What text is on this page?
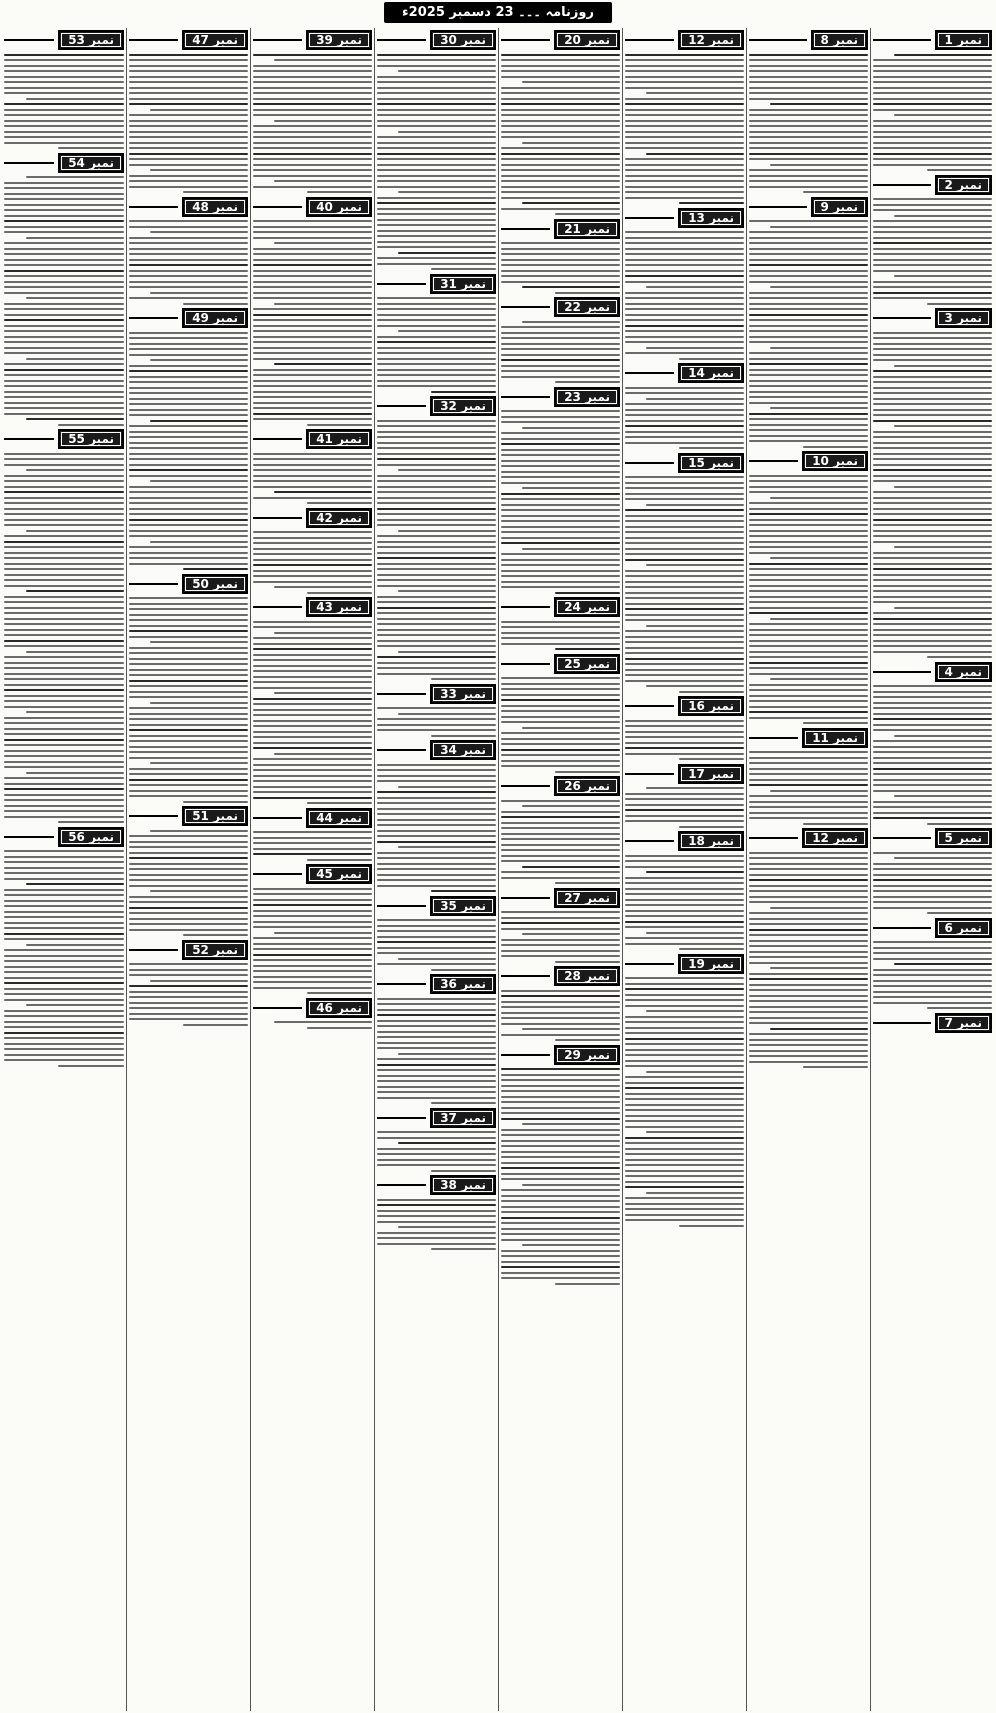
روزنامہ ۔۔۔ 23 دسمبر 2025ء
نمبر 1
نمبر 2
نمبر 3
نمبر 4
نمبر 5
نمبر 6
نمبر 7
نمبر 8
نمبر 9
نمبر 10
نمبر 11
نمبر 12
نمبر 12
نمبر 13
نمبر 14
نمبر 15
نمبر 16
نمبر 17
نمبر 18
نمبر 19
نمبر 20
نمبر 21
نمبر 22
نمبر 23
نمبر 24
نمبر 25
نمبر 26
نمبر 27
نمبر 28
نمبر 29
نمبر 30
نمبر 31
نمبر 32
نمبر 33
نمبر 34
نمبر 35
نمبر 36
نمبر 37
نمبر 38
نمبر 39
نمبر 40
نمبر 41
نمبر 42
نمبر 43
نمبر 44
نمبر 45
نمبر 46
نمبر 47
نمبر 48
نمبر 49
نمبر 50
نمبر 51
نمبر 52
نمبر 53
نمبر 54
نمبر 55
نمبر 56
